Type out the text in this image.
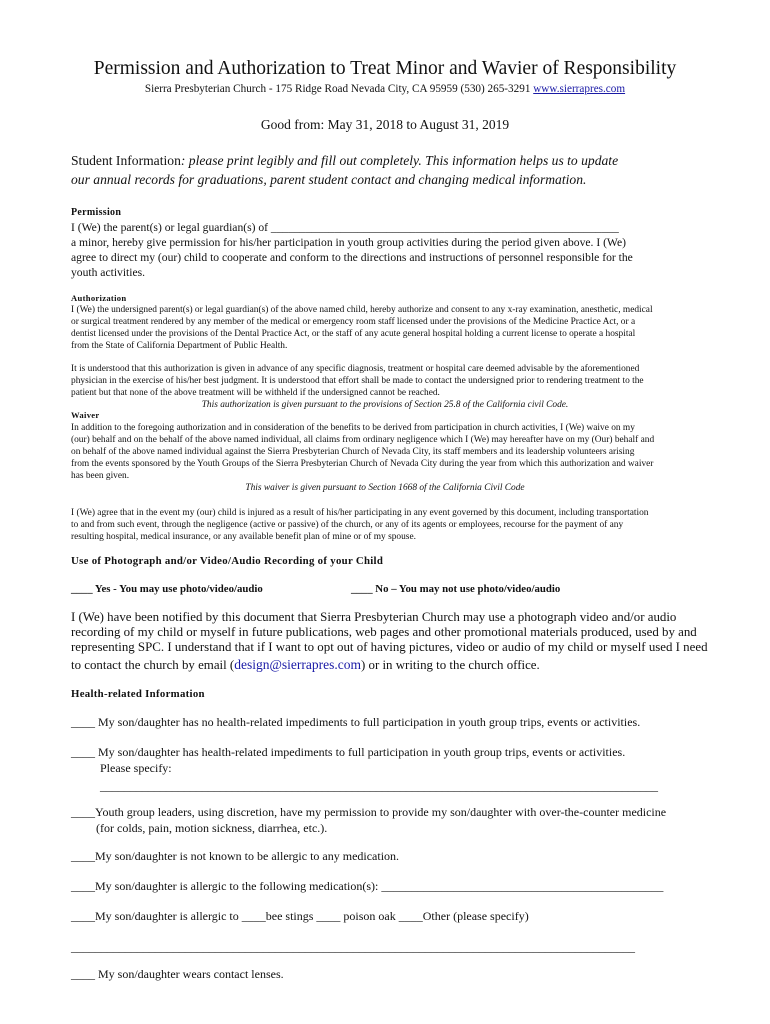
Permission and Authorization to Treat Minor and Wavier of Responsibility
Sierra Presbyterian Church - 175 Ridge Road Nevada City, CA 95959 (530) 265-3291 www.sierrapres.com
Good from: May 31, 2018 to August 31, 2019
Student Information: please print legibly and fill out completely. This information helps us to update
our annual records for graduations, parent student contact and changing medical information.
Permission
I (We) the parent(s) or legal guardian(s) of ____________________________________________________________
a minor, hereby give permission for his/her participation in youth group activities during the period given above. I (We)
agree to direct my (our) child to cooperate and conform to the directions and instructions of personnel responsible for the
youth activities.
Authorization
I (We) the undersigned parent(s) or legal guardian(s) of the above named child, hereby authorize and consent to any x-ray examination, anesthetic, medical
or surgical treatment rendered by any member of the medical or emergency room staff licensed under the provisions of the Medicine Practice Act, or a
dentist licensed under the provisions of the Dental Practice Act, or the staff of any acute general hospital holding a current license to operate a hospital
from the State of California Department of Public Health.
It is understood that this authorization is given in advance of any specific diagnosis, treatment or hospital care deemed advisable by the aforementioned
physician in the exercise of his/her best judgment. It is understood that effort shall be made to contact the undersigned prior to rendering treatment to the
patient but that none of the above treatment will be withheld if the undersigned cannot be reached.
This authorization is given pursuant to the provisions of Section 25.8 of the California civil Code.
Waiver
In addition to the foregoing authorization and in consideration of the benefits to be derived from participation in church activities, I (We) waive on my
(our) behalf and on the behalf of the above named individual, all claims from ordinary negligence which I (We) may hereafter have on my (Our) behalf and
on behalf of the above named individual against the Sierra Presbyterian Church of Nevada City, its staff members and its leadership volunteers arising
from the events sponsored by the Youth Groups of the Sierra Presbyterian Church of Nevada City during the year from which this authorization and waiver
has been given.
This waiver is given pursuant to Section 1668 of the California Civil Code
I (We) agree that in the event my (our) child is injured as a result of his/her participating in any event governed by this document, including transportation
to and from such event, through the negligence (active or passive) of the church, or any of its agents or employees, recourse for the payment of any
resulting hospital, medical insurance, or any available benefit plan of mine or of my spouse.
Use of Photograph and/or Video/Audio Recording of your Child
____ Yes - You may use photo/video/audio	____ No – You may not use photo/video/audio
I (We) have been notified by this document that Sierra Presbyterian Church may use a photograph video and/or audio
recording of my child or myself in future publications, web pages and other promotional materials produced, used by and
representing SPC. I understand that if I want to opt out of having pictures, video or audio of my child or myself used I need
to contact the church by email (design@sierrapres.com) or in writing to the church office.
Health-related Information
____ My son/daughter has no health-related impediments to full participation in youth group trips, events or activities.
____ My son/daughter has health-related impediments to full participation in youth group trips, events or activities.
Please specify:
_____________________________________________________________________________________________
____Youth group leaders, using discretion, have my permission to provide my son/daughter with over-the-counter medicine
(for colds, pain, motion sickness, diarrhea, etc.).
____My son/daughter is not known to be allergic to any medication.
____My son/daughter is allergic to the following medication(s): _______________________________________________
____My son/daughter is allergic to ____bee stings ____ poison oak ____Other (please specify)
______________________________________________________________________________________________
____ My son/daughter wears contact lenses.
